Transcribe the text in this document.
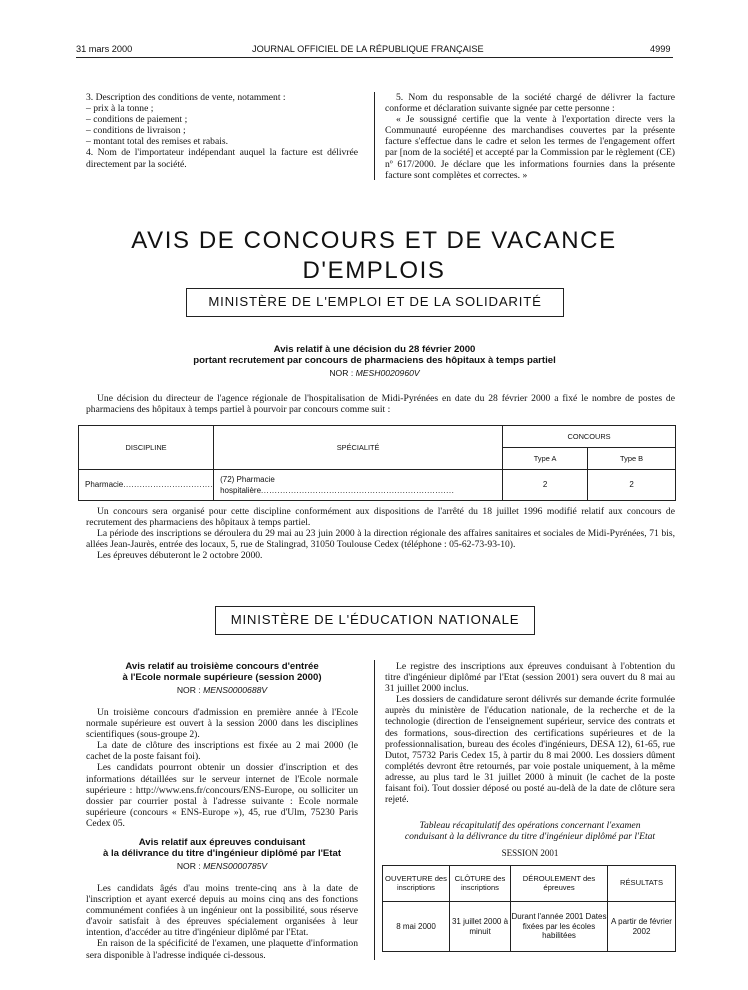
31 mars 2000	JOURNAL OFFICIEL DE LA RÉPUBLIQUE FRANÇAISE	4999

3. Description des conditions de vente, notamment :

– prix à la tonne ;

– conditions de paiement ;

– conditions de livraison ;

– montant total des remises et rabais.

4. Nom de l'importateur indépendant auquel la facture est délivrée directement par la société.

5. Nom du responsable de la société chargé de délivrer la facture conforme et déclaration suivante signée par cette personne :

« Je soussigné certifie que la vente à l'exportation directe vers la Communauté européenne des marchandises couvertes par la présente facture s'effectue dans le cadre et selon les termes de l'engagement offert par [nom de la société] et accepté par la Commission par le règlement (CE) nº 617/2000. Je déclare que les informations fournies dans la présente facture sont complètes et correctes. »

AVIS DE CONCOURS ET DE VACANCE D'EMPLOIS
MINISTÈRE DE L'EMPLOI ET DE LA SOLIDARITÉ
Avis relatif à une décision du 28 février 2000
portant recrutement par concours de pharmaciens des hôpitaux à temps partiel
NOR : MESH0020960V
Une décision du directeur de l'agence régionale de l'hospitalisation de Midi-Pyrénées en date du 28 février 2000 a fixé le nombre de postes de pharmaciens des hôpitaux à temps partiel à pourvoir par concours comme suit :
DISCIPLINE	SPÉCIALITÉ	CONCOURS	
		Type A	Type B
Pharmacie.................................	(72) Pharmacie hospitalière.......................................................................	2	2

Un concours sera organisé pour cette discipline conformément aux dispositions de l'arrêté du 18 juillet 1996 modifié relatif aux concours de recrutement des pharmaciens des hôpitaux à temps partiel.

La période des inscriptions se déroulera du 29 mai au 23 juin 2000 à la direction régionale des affaires sanitaires et sociales de Midi-Pyrénées, 71 bis, allées Jean-Jaurès, entrée des locaux, 5, rue de Stalingrad, 31050 Toulouse Cedex (téléphone : 05-62-73-93-10).

Les épreuves débuteront le 2 octobre 2000.

MINISTÈRE DE L'ÉDUCATION NATIONALE
Avis relatif au troisième concours d'entrée
à l'Ecole normale supérieure (session 2000)
NOR : MENS0000688V

Un troisième concours d'admission en première année à l'Ecole normale supérieure est ouvert à la session 2000 dans les disciplines scientifiques (sous-groupe 2).

La date de clôture des inscriptions est fixée au 2 mai 2000 (le cachet de la poste faisant foi).

Les candidats pourront obtenir un dossier d'inscription et des informations détaillées sur le serveur internet de l'Ecole normale supérieure : http://www.ens.fr/concours/ENS-Europe, ou solliciter un dossier par courrier postal à l'adresse suivante : Ecole normale supérieure (concours « ENS-Europe »), 45, rue d'Ulm, 75230 Paris Cedex 05.

Avis relatif aux épreuves conduisant
à la délivrance du titre d'ingénieur diplômé par l'Etat
NOR : MENS0000785V

Les candidats âgés d'au moins trente-cinq ans à la date de l'inscription et ayant exercé depuis au moins cinq ans des fonctions communément confiées à un ingénieur ont la possibilité, sous réserve d'avoir satisfait à des épreuves spécialement organisées à leur intention, d'accéder au titre d'ingénieur diplômé par l'Etat.

En raison de la spécificité de l'examen, une plaquette d'information sera disponible à l'adresse indiquée ci-dessous.

Le registre des inscriptions aux épreuves conduisant à l'obtention du titre d'ingénieur diplômé par l'Etat (session 2001) sera ouvert du 8 mai au 31 juillet 2000 inclus.

Les dossiers de candidature seront délivrés sur demande écrite formulée auprès du ministère de l'éducation nationale, de la recherche et de la technologie (direction de l'enseignement supérieur, service des contrats et des formations, sous-direction des certifications supérieures et de la professionnalisation, bureau des écoles d'ingénieurs, DESA 12), 61-65, rue Dutot, 75732 Paris Cedex 15, à partir du 8 mai 2000. Les dossiers dûment complétés devront être retournés, par voie postale uniquement, à la même adresse, au plus tard le 31 juillet 2000 à minuit (le cachet de la poste faisant foi). Tout dossier déposé ou posté au-delà de la date de clôture sera rejeté.

Tableau récapitulatif des opérations concernant l'examen
conduisant à la délivrance du titre d'ingénieur diplômé par l'Etat
SESSION 2001
OUVERTURE des inscriptions	CLÔTURE des inscriptions	DÉROULEMENT des épreuves	RÉSULTATS
8 mai 2000	31 juillet 2000 à minuit	Durant l'année 2001 Dates fixées par les écoles habilitées	A partir de février 2002
